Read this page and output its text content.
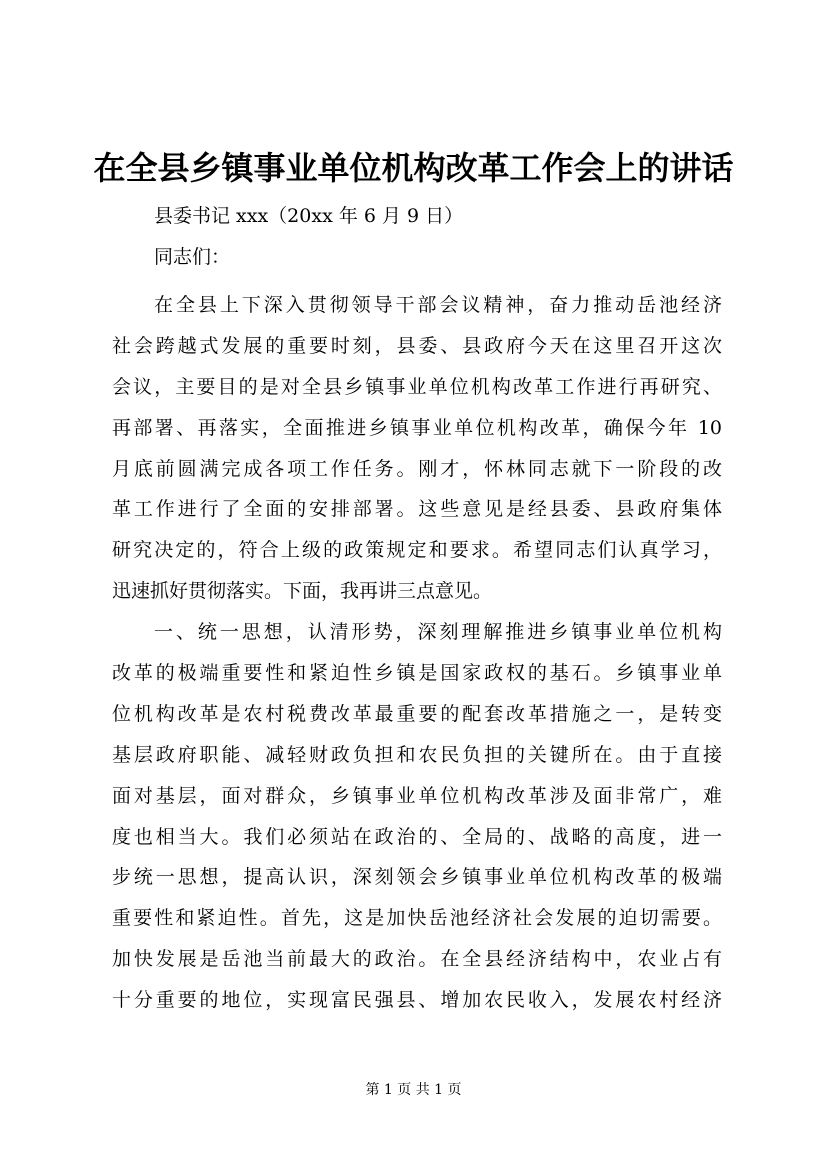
在全县乡镇事业单位机构改革工作会上的讲话
县委书记 xxx（20xx 年 6 月 9 日）
同志们：
在全县上下深入贯彻领导干部会议精神，奋力推动岳池经济
社会跨越式发展的重要时刻，县委、县政府今天在这里召开这次
会议，主要目的是对全县乡镇事业单位机构改革工作进行再研究、
再部署、再落实，全面推进乡镇事业单位机构改革，确保今年 10
月底前圆满完成各项工作任务。刚才，怀林同志就下一阶段的改
革工作进行了全面的安排部署。这些意见是经县委、县政府集体
研究决定的，符合上级的政策规定和要求。希望同志们认真学习，
迅速抓好贯彻落实。下面，我再讲三点意见。
一、统一思想，认清形势，深刻理解推进乡镇事业单位机构
改革的极端重要性和紧迫性乡镇是国家政权的基石。乡镇事业单
位机构改革是农村税费改革最重要的配套改革措施之一，是转变
基层政府职能、减轻财政负担和农民负担的关键所在。由于直接
面对基层，面对群众，乡镇事业单位机构改革涉及面非常广，难
度也相当大。我们必须站在政治的、全局的、战略的高度，进一
步统一思想，提高认识，深刻领会乡镇事业单位机构改革的极端
重要性和紧迫性。首先，这是加快岳池经济社会发展的迫切需要。
加快发展是岳池当前最大的政治。在全县经济结构中，农业占有
十分重要的地位，实现富民强县、增加农民收入，发展农村经济
第 1 页 共 1 页
